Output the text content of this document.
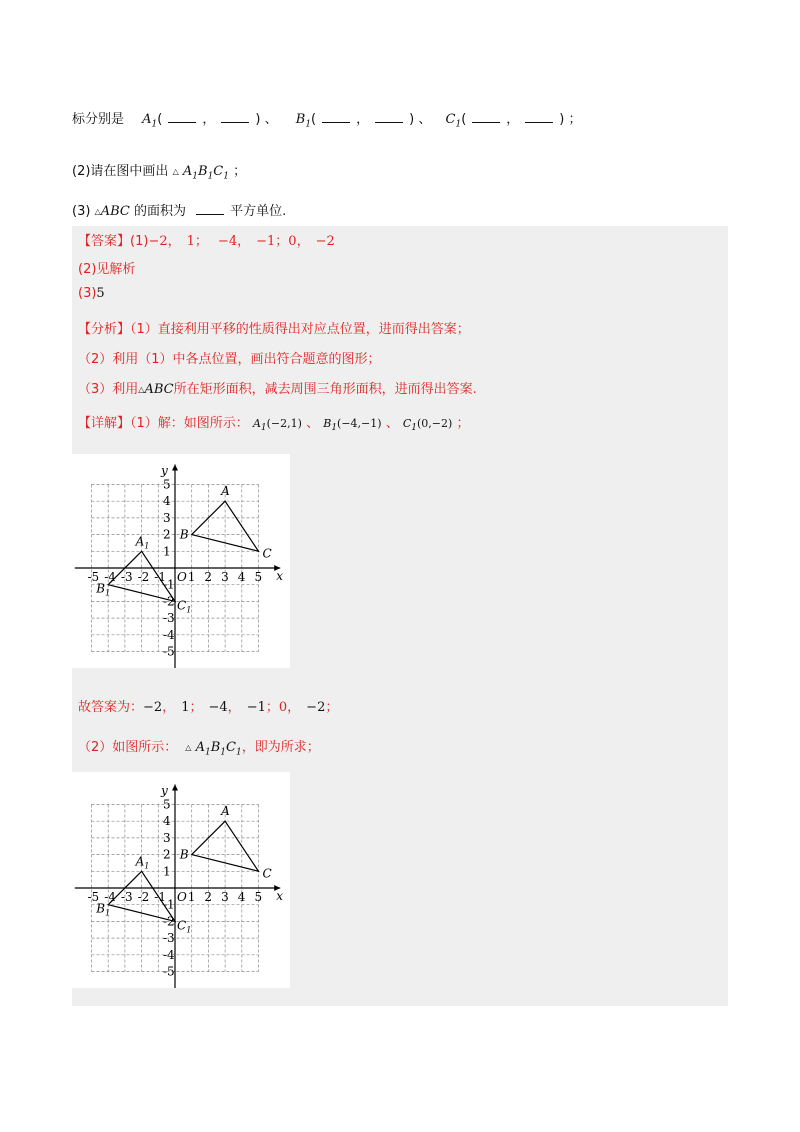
标分别是 $A_1$(	，	) 、 $B_1$(	，	) 、 $C_1$(	，	) ；
(2)请在图中画出 △ $A_1B_1C_1$ ；
(3) △ABC 的面积为	平方单位.
【答案】(1)−2， 1； −4， −1；0， −2
(2)见解析
(3)5
【分析】（1）直接利用平移的性质得出对应点位置，进而得出答案；
（2）利用（1）中各点位置，画出符合题意的图形；
（3）利用△ABC所在矩形面积，减去周围三角形面积，进而得出答案.
【详解】（1）解：如图所示： $A_1(-2,1)$ 、 $B_1(-4,-1)$ 、 $C_1(0,-2)$ ；
x
y
O
-5 -4 -3 -2 -1 1 2 3 4 5
5
4
3
2
1
-1
-2
-3
-4
-5
A
B
C
$A_1$
$B_1$
$C_1$
故答案为：−2， 1； −4， −1；0， −2；
（2）如图所示： △ $A_1B_1C_1$，即为所求；
x
y
O
-5 -4 -3 -2 -1 1 2 3 4 5
5
4
3
2
1
-1
-2
-3
-4
-5
A
B
C
$A_1$
$B_1$
$C_1$
